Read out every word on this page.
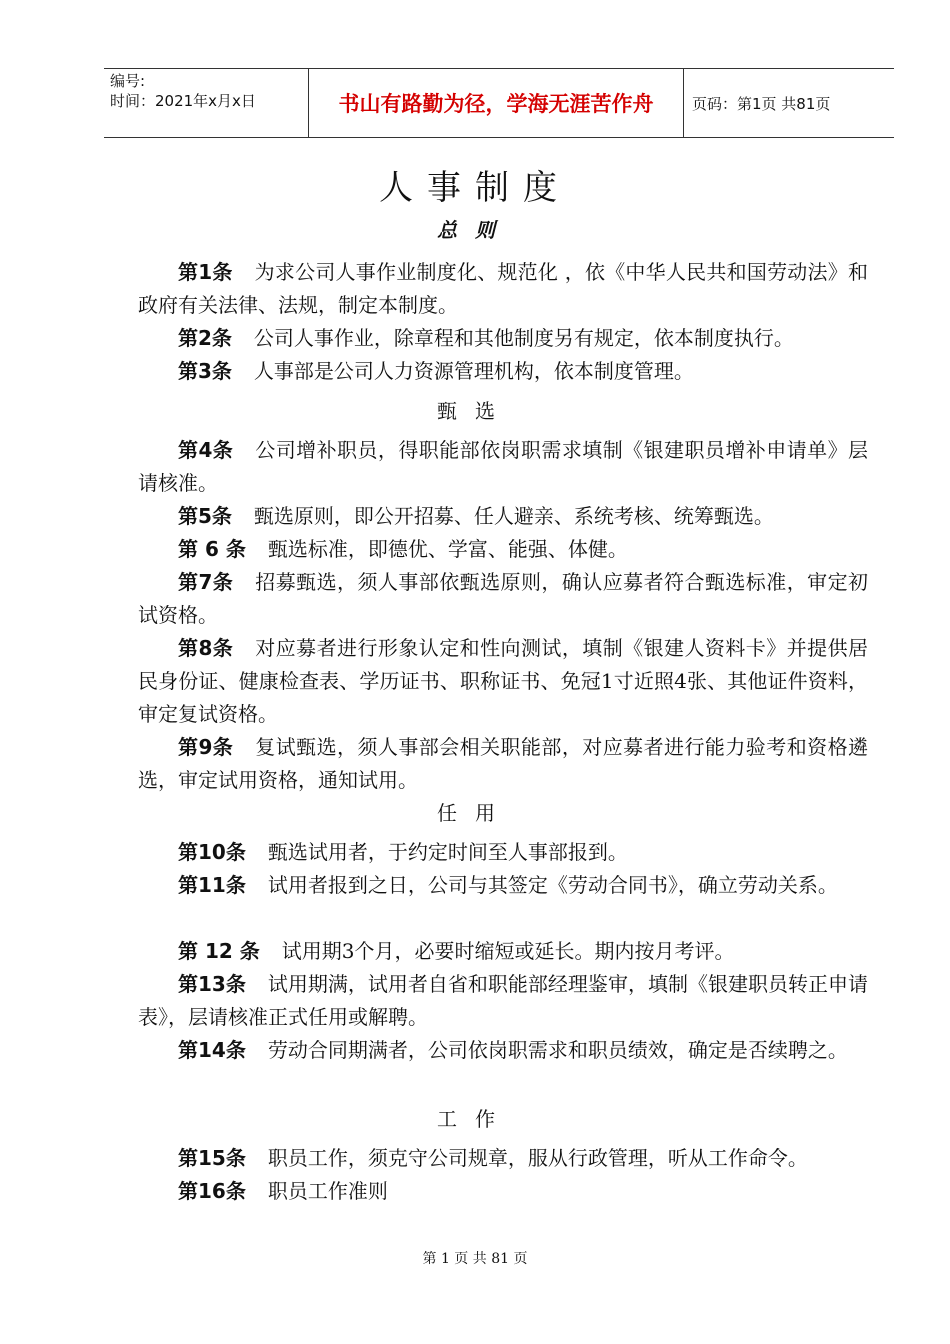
编号:
时间：2021年x月x日	书山有路勤为径，学海无涯苦作舟	页码：第1页 共81页
人事制度
总则
第1条 为求公司人事作业制度化、规范化 ，依《中华人民共和国劳动法》和政府有关法律、法规，制定本制度。
第2条 公司人事作业，除章程和其他制度另有规定，依本制度执行。
第3条 人事部是公司人力资源管理机构，依本制度管理。
甄选
第4条 公司增补职员，得职能部依岗职需求填制《银建职员增补申请单》层请核准。
第5条 甄选原则，即公开招募、任人避亲、系统考核、统筹甄选。
第 6 条 甄选标准，即德优、学富、能强、体健。
第7条 招募甄选，须人事部依甄选原则，确认应募者符合甄选标准，审定初试资格。
第8条 对应募者进行形象认定和性向测试，填制《银建人资料卡》并提供居民身份证、健康检查表、学历证书、职称证书、免冠1寸近照4张、其他证件资料，审定复试资格。
第9条 复试甄选，须人事部会相关职能部，对应募者进行能力验考和资格遴选，审定试用资格，通知试用。
任用
第10条 甄选试用者，于约定时间至人事部报到。
第11条 试用者报到之日，公司与其签定《劳动合同书》，确立劳动关系。
第 12 条 试用期3个月，必要时缩短或延长。期内按月考评。
第13条 试用期满，试用者自省和职能部经理鉴审，填制《银建职员转正申请表》，层请核准正式任用或解聘。
第14条 劳动合同期满者，公司依岗职需求和职员绩效，确定是否续聘之。
工作
第15条 职员工作，须克守公司规章，服从行政管理，听从工作命令。
第16条 职员工作准则
第 1 页 共 81 页
